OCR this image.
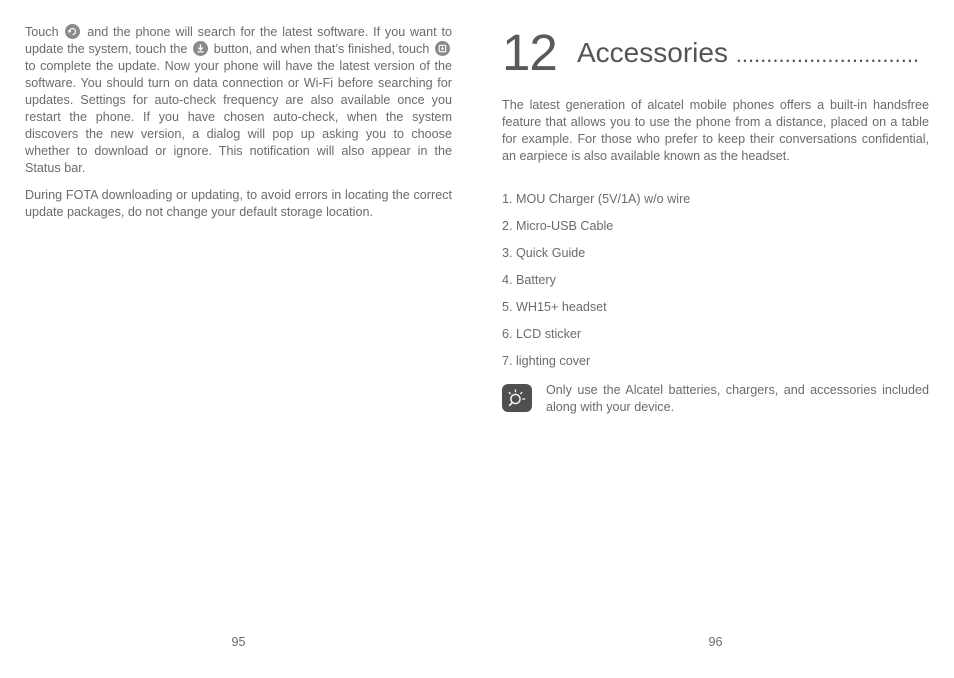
Touch and the phone will search for the latest software. If you want to update the system, touch the button, and when that’s finished, touch
to complete the update. Now your phone will have the latest version of the software. You should turn on data connection or Wi-Fi before searching for updates. Settings for auto-check frequency are also available once you restart the phone. If you have chosen auto-check, when the system discovers the new version, a dialog will pop up asking you to choose whether to download or ignore. This notification will also appear in the Status bar.

During FOTA downloading or updating, to avoid errors in locating the correct update packages, do not change your default storage location.

95
12 Accessories ..............................

The latest generation of alcatel mobile phones offers a built-in handsfree feature that allows you to use the phone from a distance, placed on a table for example. For those who prefer to keep their conversations confidential, an earpiece is also available known as the headset.

1. MOU Charger (5V/1A) w/o wire
2. Micro-USB Cable
3. Quick Guide
4. Battery
5. WH15+ headset
6. LCD sticker
7. lighting cover

Only use the Alcatel batteries, chargers, and accessories included along with your device.

96
